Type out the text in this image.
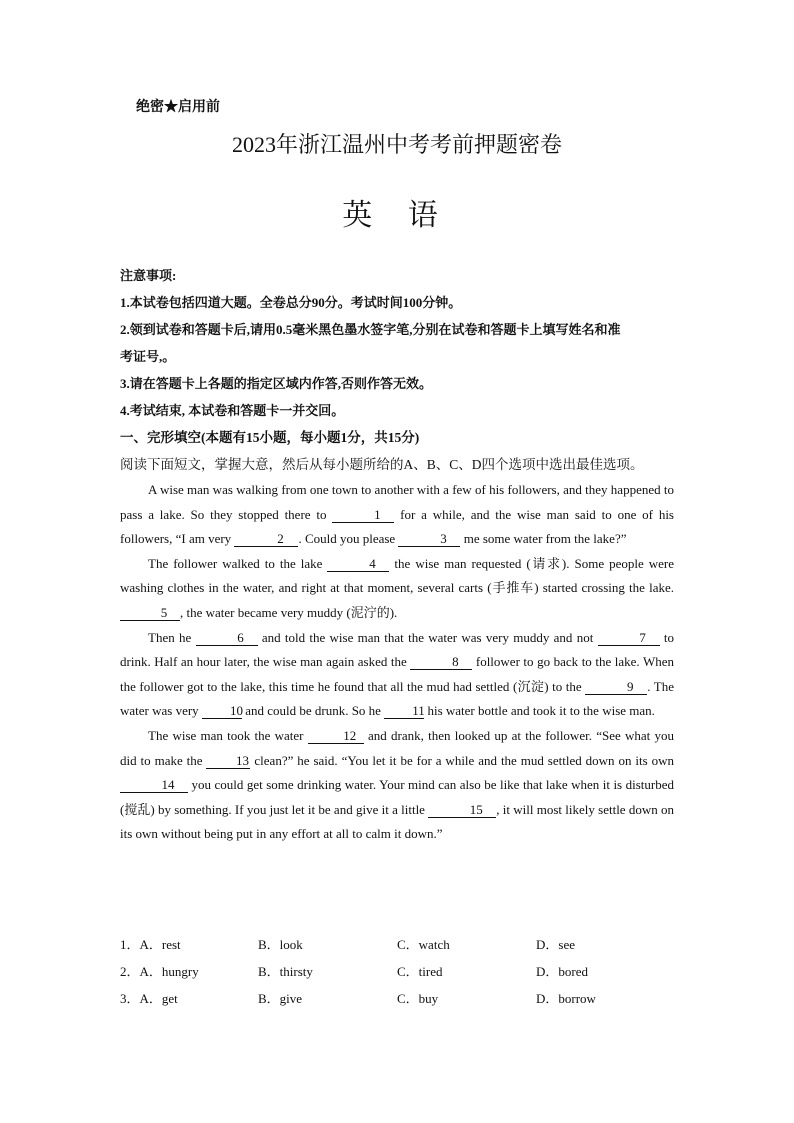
绝密★启用前
2023年浙江温州中考考前押题密卷
英 语
注意事项:
1.本试卷包括四道大题。全卷总分90分。考试时间100分钟。
2.领到试卷和答题卡后,请用0.5毫米黑色墨水签字笔,分别在试卷和答题卡上填写姓名和准
考证号,。
3.请在答题卡上各题的指定区域内作答,否则作答无效。
4.考试结束, 本试卷和答题卡一并交回。
一、完形填空(本题有15小题，每小题1分，共15分)
阅读下面短文，掌握大意，然后从每小题所给的A、B、C、D四个选项中选出最佳选项。

A wise man was walking from one town to another with a few of his followers, and they happened to pass a lake. So they stopped there to	1 for a while, and the wise man said to one of his followers, “I am very	2 . Could you please	3 me some water from the lake?”

The follower walked to the lake	4 the wise man requested (请求). Some people were washing clothes in the water, and right at that moment, several carts (手推车) started crossing the lake. 5 , the water became very muddy (泥泞的).

Then he	6 and told the wise man that the water was very muddy and not	7 to drink. Half an hour later, the wise man again asked the	8 follower to go back to the lake. When the follower got to the lake, this time he found that all the mud had settled (沉淀) to the	9 . The water was very 10 and could be drunk. So he 11 his water bottle and took it to the wise man.

The wise man took the water	12 and drank, then looked up at the follower. “See what you did to make the 13 clean?” he said. “You let it be for a while and the mud settled down on its own 14 you could get some drinking water. Your mind can also be like that lake when it is disturbed (搅乱) by something. If you just let it be and give it a little	15 , it will most likely settle down on its own without being put in any effort at all to calm it down.”

1．A．rest	B．look	C．watch	D．see
2．A．hungry	B．thirsty	C．tired	D．bored
3．A．get	B．give	C．buy	D．borrow
